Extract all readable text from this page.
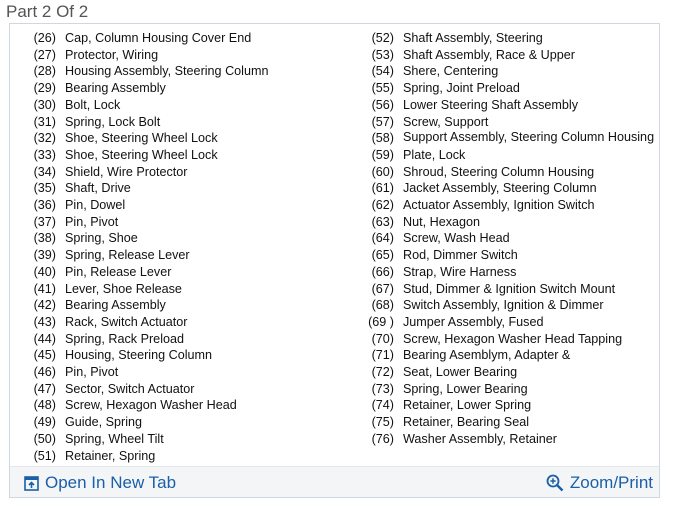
Part 2 Of 2
(26) Cap, Column Housing Cover End
(27) Protector, Wiring
(28) Housing Assembly, Steering Column
(29) Bearing Assembly
(30) Bolt, Lock
(31) Spring, Lock Bolt
(32) Shoe, Steering Wheel Lock
(33) Shoe, Steering Wheel Lock
(34) Shield, Wire Protector
(35) Shaft, Drive
(36) Pin, Dowel
(37) Pin, Pivot
(38) Spring, Shoe
(39) Spring, Release Lever
(40) Pin, Release Lever
(41) Lever, Shoe Release
(42) Bearing Assembly
(43) Rack, Switch Actuator
(44) Spring, Rack Preload
(45) Housing, Steering Column
(46) Pin, Pivot
(47) Sector, Switch Actuator
(48) Screw, Hexagon Washer Head
(49) Guide, Spring
(50) Spring, Wheel Tilt
(51) Retainer, Spring
(52) Shaft Assembly, Steering
(53) Shaft Assembly, Race & Upper
(54) Shere, Centering
(55) Spring, Joint Preload
(56) Lower Steering Shaft Assembly
(57) Screw, Support
(58) Support Assembly, Steering Column Housing
(59) Plate, Lock
(60) Shroud, Steering Column Housing
(61) Jacket Assembly, Steering Column
(62) Actuator Assembly, Ignition Switch
(63) Nut, Hexagon
(64) Screw, Wash Head
(65) Rod, Dimmer Switch
(66) Strap, Wire Harness
(67) Stud, Dimmer & Ignition Switch Mount
(68) Switch Assembly, Ignition & Dimmer
(69 ) Jumper Assembly, Fused
(70) Screw, Hexagon Washer Head Tapping
(71) Bearing Asemblym, Adapter &
(72) Seat, Lower Bearing
(73) Spring, Lower Bearing
(74) Retainer, Lower Spring
(75) Retainer, Bearing Seal
(76) Washer Assembly, Retainer
Open In New Tab	Zoom/Print
